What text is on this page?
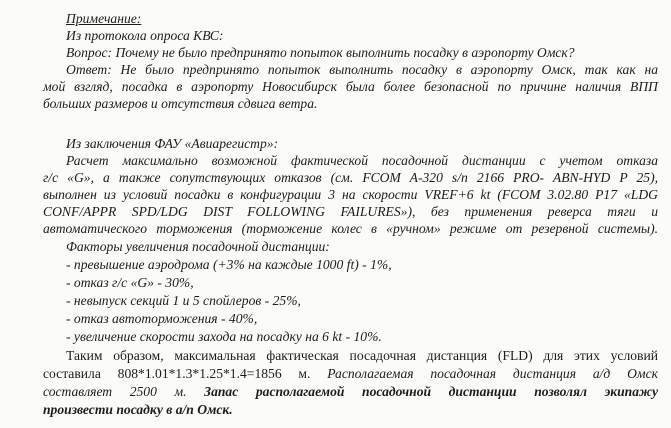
Примечание:
Из протокола опроса КВС:
Вопрос: Почему не было предпринято попыток выполнить посадку в аэропорту Омск?
Ответ: Не было предпринято попыток выполнить посадку в аэропорту Омск, так как на
мой взгляд, посадка в аэропорту Новосибирск была более безопасной по причине наличия ВПП
больших размеров и отсутствия сдвига ветра.
Из заключения ФАУ «Авиарегистр»:
Расчет максимально возможной фактической посадочной дистанции с учетом отказа
г/с «G», а также сопутствующих отказов (см. FCOM A-320 s/n 2166 PRO- ABN-HYD P 25),
выполнен из условий посадки в конфигурации 3 на скорости VREF+6 kt (FCOM 3.02.80 P17 «LDG
CONF/APPR SPD/LDG DIST FOLLOWING FAILURES»), без применения реверса тяги и
автоматического торможения (торможение колес в «ручном» режиме от резервной системы).
Факторы увеличения посадочной дистанции:
- превышение аэродрома (+3% на каждые 1000 ft) - 1%,
- отказ г/с «G» - 30%,
- невыпуск секций 1 и 5 спойлеров - 25%,
- отказ автоторможения - 40%,
- увеличение скорости захода на посадку на 6 kt - 10%.
Таким образом, максимальная фактическая посадочная дистанция (FLD) для этих условий
составила 808*1.01*1.3*1.25*1.4=1856 м. Располагаемая посадочная дистанция а/д Омск
составляет 2500 м. Запас располагаемой посадочной дистанции позволял экипажу
произвести посадку в а/п Омск.
